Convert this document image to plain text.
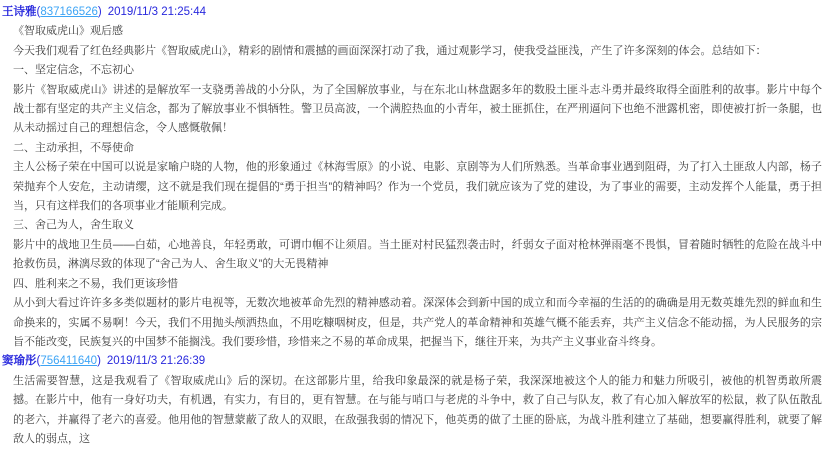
王诗雅(837166526) 2019/11/3 21:25:44
《智取威虎山》观后感
今天我们观看了红色经典影片《智取威虎山》，精彩的剧情和震撼的画面深深打动了我，通过观影学习，使我受益匪浅，产生了许多深刻的体会。总结如下：
一、坚定信念，不忘初心
影片《智取威虎山》讲述的是解放军一支骁勇善战的小分队，为了全国解放事业，与在东北山林盘踞多年的数股土匪斗志斗勇并最终取得全面胜利的故事。影片中每个战士都有坚定的共产主义信念，都为了解放事业不惧牺牲。警卫员高波，一个满腔热血的小青年，被土匪抓住，在严刑逼问下也绝不泄露机密，即使被打折一条腿，也从未动摇过自己的理想信念，令人感慨敬佩！
二、主动承担，不辱使命
主人公杨子荣在中国可以说是家喻户晓的人物，他的形象通过《林海雪原》的小说、电影、京剧等为人们所熟悉。当革命事业遇到阻碍，为了打入土匪敌人内部，杨子荣抛弃个人安危，主动请缨，这不就是我们现在提倡的“勇于担当”的精神吗？作为一个党员，我们就应该为了党的建设，为了事业的需要，主动发挥个人能量，勇于担当，只有这样我们的各项事业才能顺利完成。
三、舍己为人，舍生取义
影片中的战地卫生员——白茹，心地善良，年轻勇敢，可谓巾帼不让须眉。当土匪对村民猛烈袭击时，纤弱女子面对枪林弹雨毫不畏惧，冒着随时牺牲的危险在战斗中抢救伤员，淋漓尽致的体现了“舍己为人、舍生取义”的大无畏精神
四、胜利来之不易，我们更该珍惜
从小到大看过许许多多类似题材的影片电视等，无数次地被革命先烈的精神感动着。深深体会到新中国的成立和而今幸福的生活的的确确是用无数英雄先烈的鲜血和生命换来的，实属不易啊！今天，我们不用抛头颅洒热血，不用吃糠咽树皮，但是，共产党人的革命精神和英雄气概不能丢弃，共产主义信念不能动摇，为人民服务的宗旨不能改变，民族复兴的中国梦不能搁浅。我们要珍惜，珍惜来之不易的革命成果，把握当下，继往开来，为共产主义事业奋斗终身。
窦瑜彤(756411640) 2019/11/3 21:26:39
生活需要智慧，这是我观看了《智取威虎山》后的深切。在这部影片里，给我印象最深的就是杨子荣，我深深地被这个人的能力和魅力所吸引，被他的机智勇敢所震撼。在影片中，他有一身好功夫，有机遇，有实力，有目的，更有智慧。在与能与哨口与老虎的斗争中，救了自己与队友，救了有心加入解放军的松鼠，救了队伍散乱的老六，并赢得了老六的喜爱。他用他的智慧蒙蔽了敌人的双眼，在敌强我弱的情况下，他英勇的做了土匪的卧底，为战斗胜利建立了基础，想要赢得胜利，就要了解敌人的弱点，这
